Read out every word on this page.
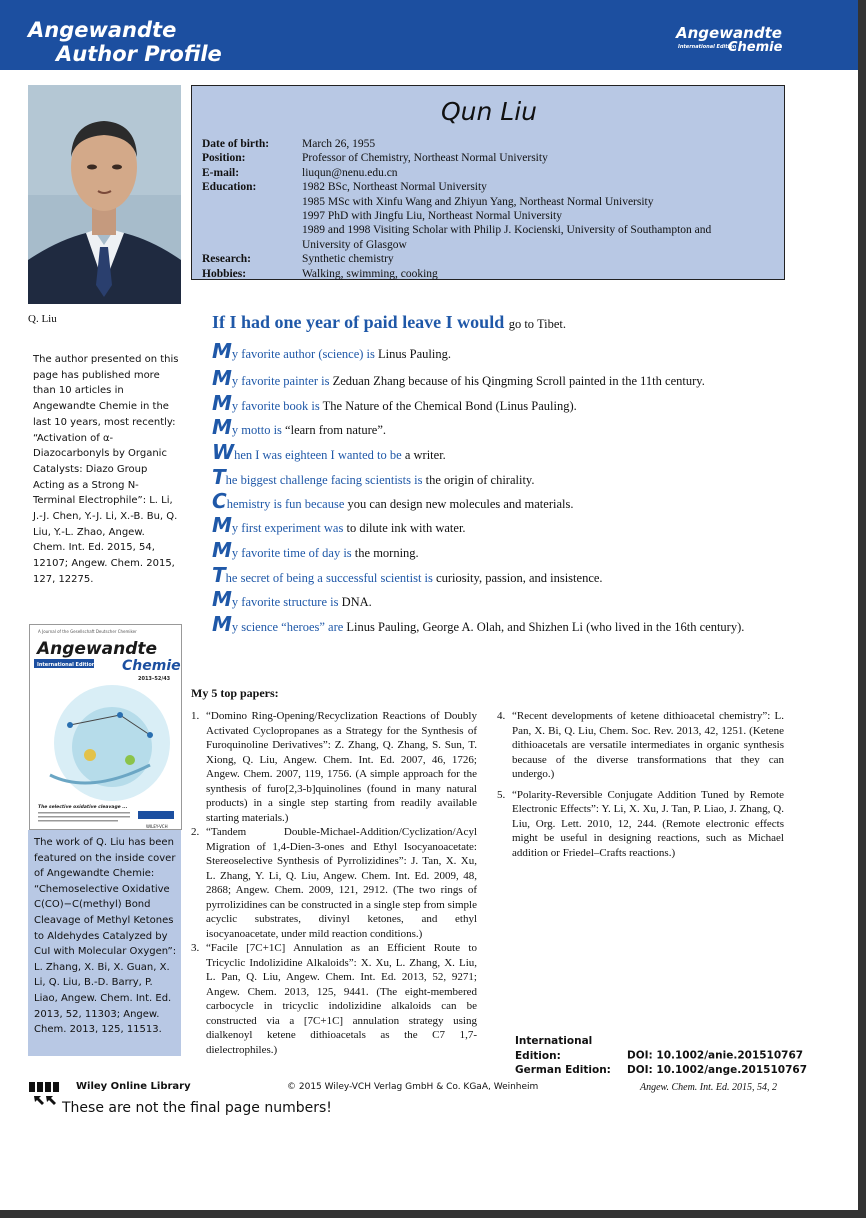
Angewandte
Author Profile
Angewandte
International Edition
Chemie
Q. Liu
Qun Liu
Date of birth:	March 26, 1955
Position:	Professor of Chemistry, Northeast Normal University
E-mail:	liuqun@nenu.edu.cn
Education:	1982 BSc, Northeast Normal University
1985 MSc with Xinfu Wang and Zhiyun Yang, Northeast Normal University
1997 PhD with Jingfu Liu, Northeast Normal University
1989 and 1998 Visiting Scholar with Philip J. Kocienski, University of Southampton and
University of Glasgow
Research:	Synthetic chemistry
Hobbies:	Walking, swimming, cooking
If I had one year of paid leave I would go to Tibet.
My favorite author (science) is Linus Pauling.
My favorite painter is Zeduan Zhang because of his Qingming Scroll painted in the 11th century.
My favorite book is The Nature of the Chemical Bond (Linus Pauling).
My motto is “learn from nature”.
When I was eighteen I wanted to be a writer.
The biggest challenge facing scientists is the origin of chirality.
Chemistry is fun because you can design new molecules and materials.
My first experiment was to dilute ink with water.
My favorite time of day is the morning.
The secret of being a successful scientist is curiosity, passion, and insistence.
My favorite structure is DNA.
My science “heroes” are Linus Pauling, George A. Olah, and Shizhen Li (who lived in the 16th century).
The author presented on this page has published more than 10 articles in Angewandte Chemie in the last 10 years, most recently: “Activation of α-Diazocarbonyls by Organic Catalysts: Diazo Group Acting as a Strong N-Terminal Electrophile”: L. Li, J.-J. Chen, Y.-J. Li, X.-B. Bu, Q. Liu, Y.-L. Zhao, Angew. Chem. Int. Ed. 2015, 54, 12107; Angew. Chem. 2015, 127, 12275.
A Journal of the Gesellschaft Deutscher Chemiker
Angewandte
International Edition Chemie
2013–52/43
The selective oxidative cleavage ...
WILEY-VCH
The work of Q. Liu has been featured on the inside cover of Angewandte Chemie: “Chemoselective Oxidative C(CO)−C(methyl) Bond Cleavage of Methyl Ketones to Aldehydes Catalyzed by CuI with Molecular Oxygen”: L. Zhang, X. Bi, X. Guan, X. Li, Q. Liu, B.-D. Barry, P. Liao, Angew. Chem. Int. Ed. 2013, 52, 11303; Angew. Chem. 2013, 125, 11513.
My 5 top papers:
1. “Domino Ring-Opening/Recyclization Reactions of Doubly Activated Cyclopropanes as a Strategy for the Synthesis of Furoquinoline Derivatives”: Z. Zhang, Q. Zhang, S. Sun, T. Xiong, Q. Liu, Angew. Chem. Int. Ed. 2007, 46, 1726; Angew. Chem. 2007, 119, 1756. (A simple approach for the synthesis of furo[2,3-b]quinolines (found in many natural products) in a single step starting from readily available starting materials.)
2. “Tandem Double-Michael-Addition/Cyclization/Acyl Migration of 1,4-Dien-3-ones and Ethyl Isocyanoacetate: Stereoselective Synthesis of Pyrrolizidines”: J. Tan, X. Xu, L. Zhang, Y. Li, Q. Liu, Angew. Chem. Int. Ed. 2009, 48, 2868; Angew. Chem. 2009, 121, 2912. (The two rings of pyrrolizidines can be constructed in a single step from simple acyclic substrates, divinyl ketones, and ethyl isocyanoacetate, under mild reaction conditions.)
3. “Facile [7C+1C] Annulation as an Efficient Route to Tricyclic Indolizidine Alkaloids”: X. Xu, L. Zhang, X. Liu, L. Pan, Q. Liu, Angew. Chem. Int. Ed. 2013, 52, 9271; Angew. Chem. 2013, 125, 9441. (The eight-membered carbocycle in tricyclic indolizidine alkaloids can be constructed via a [7C+1C] annulation strategy using dialkenoyl ketene dithioacetals as the C7 1,7-dielectrophiles.)
4. “Recent developments of ketene dithioacetal chemistry”: L. Pan, X. Bi, Q. Liu, Chem. Soc. Rev. 2013, 42, 1251. (Ketene dithioacetals are versatile intermediates in organic synthesis because of the diverse transformations that they can undergo.)
5. “Polarity-Reversible Conjugate Addition Tuned by Remote Electronic Effects”: Y. Li, X. Xu, J. Tan, P. Liao, J. Zhang, Q. Liu, Org. Lett. 2010, 12, 244. (Remote electronic effects might be useful in designing reactions, such as Michael addition or Friedel–Crafts reactions.)
International Edition:	DOI: 10.1002/anie.201510767
German Edition: DOI: 10.1002/ange.201510767
Wiley Online Library	© 2015 Wiley-VCH Verlag GmbH & Co. KGaA, Weinheim	Angew. Chem. Int. Ed. 2015, 54, 2
These are not the final page numbers!
